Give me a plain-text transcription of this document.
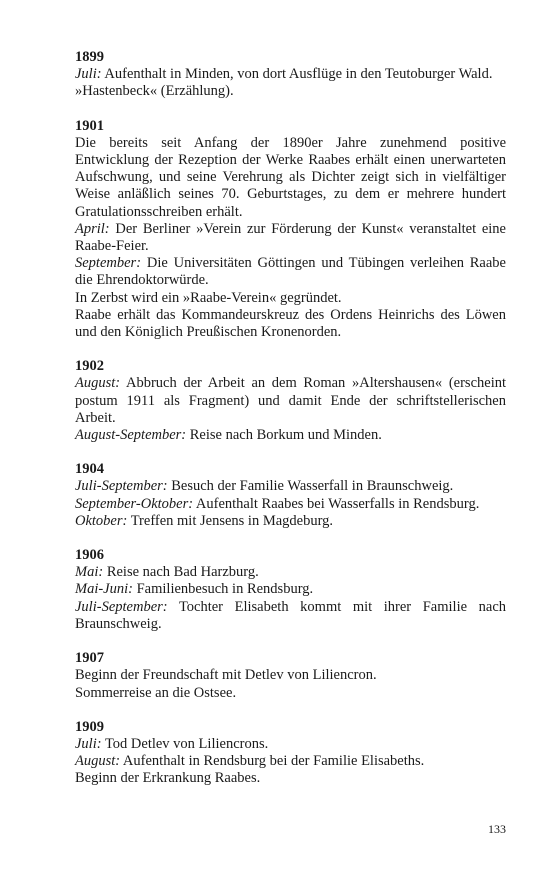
1899
Juli: Aufenthalt in Minden, von dort Ausflüge in den Teutoburger Wald.
»Hastenbeck« (Erzählung).
1901
Die bereits seit Anfang der 1890er Jahre zunehmend positive Entwicklung der Rezeption der Werke Raabes erhält einen unerwarteten Aufschwung, und seine Verehrung als Dichter zeigt sich in vielfältiger Weise anläßlich seines 70. Geburtstages, zu dem er mehrere hundert Gratulationsschreiben erhält.
April: Der Berliner »Verein zur Förderung der Kunst« veranstaltet eine Raabe-Feier.
September: Die Universitäten Göttingen und Tübingen verleihen Raabe die Ehrendoktorwürde.
In Zerbst wird ein »Raabe-Verein« gegründet.
Raabe erhält das Kommandeurskreuz des Ordens Heinrichs des Löwen und den Königlich Preußischen Kronenorden.
1902
August: Abbruch der Arbeit an dem Roman »Altershausen« (erscheint postum 1911 als Fragment) und damit Ende der schriftstellerischen Arbeit.
August-September: Reise nach Borkum und Minden.
1904
Juli-September: Besuch der Familie Wasserfall in Braunschweig.
September-Oktober: Aufenthalt Raabes bei Wasserfalls in Rendsburg.
Oktober: Treffen mit Jensens in Magdeburg.
1906
Mai: Reise nach Bad Harzburg.
Mai-Juni: Familienbesuch in Rendsburg.
Juli-September: Tochter Elisabeth kommt mit ihrer Familie nach Braunschweig.
1907
Beginn der Freundschaft mit Detlev von Liliencron.
Sommerreise an die Ostsee.
1909
Juli: Tod Detlev von Liliencrons.
August: Aufenthalt in Rendsburg bei der Familie Elisabeths.
Beginn der Erkrankung Raabes.
133
